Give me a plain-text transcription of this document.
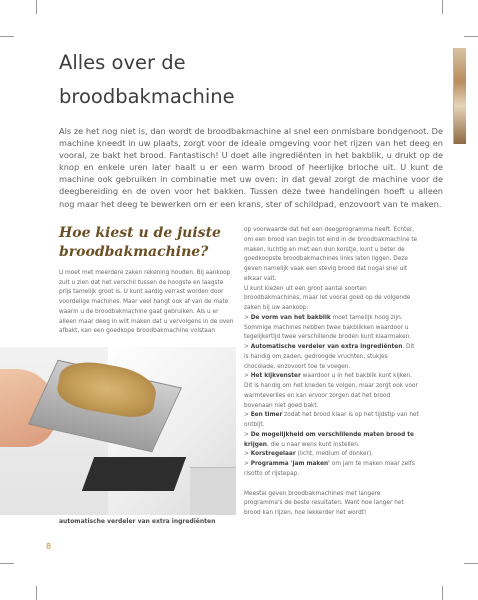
Alles over de
broodbakmachine

Als ze het nog niet is, dan wordt de broodbakmachine al snel een onmisbare bondgenoot. De machine kneedt in uw plaats, zorgt voor de ideale omgeving voor het rijzen van het deeg en vooral, ze bakt het brood. Fantastisch! U doet alle ingrediënten in het bakblik, u drukt op de knop en enkele uren later haalt u er een warm brood of heerlijke brioche uit. U kunt de machine ook gebruiken in combinatie met uw oven: in dat geval zorgt de machine voor de deegbereiding en de oven voor het bakken. Tussen deze twee handelingen hoeft u alleen nog maar het deeg te bewerken om er een krans, ster of schildpad, enzovoort van te maken.

Hoe kiest u de juiste
broodbakmachine?

U moet met meerdere zaken rekening houden. Bij aankoop zult u zien dat het verschil tussen de hoogste en laagste prijs tamelijk groot is. U kunt aardig verrast worden door voordelige machines. Maar veel hangt ook af van de mate waarin u de broodbakmachine gaat gebruiken. Als u er alleen maar deeg in wilt maken dat u vervolgens in de oven afbakt, kan een goedkope broodbakmachine volstaan

automatische verdeler van extra ingrediënten

op voorwaarde dat het een deegprogramma heeft. Echter, om een brood van begin tot eind in de broodbakmachine te maken, luchtig en met een dun korstje, kunt u beter de goedkoopste broodbakmachines links laten liggen. Deze geven namelijk vaak een stevig brood dat nogal snel uit elkaar valt.

U kunt kiezen uit een groot aantal soorten broodbakmachines, maar let vooral goed op de volgende zaken bij uw aankoop:

> De vorm van het bakblik moet tamelijk hoog zijn. Sommige machines hebben twee bakblikken waardoor u tegelijkertijd twee verschillende broden kunt klaarmaken.

> Automatische verdeler van extra ingrediënten. Dit is handig om zaden, gedroogde vruchten, stukjes chocolade, enzovoort toe te voegen.

> Het kijkvenster waardoor u in het bakblik kunt kijken. Dit is handig om het kneden te volgen, maar zorgt ook voor warmteverlies en kan ervoor zorgen dat het brood bovenaan niet goed bakt.

> Een timer zodat het brood klaar is op het tijdstip van het ontbijt.

> De mogelijkheid om verschillende maten brood te krijgen, die u naar wens kunt instellen.

> Korstregelaar (licht, medium of donker).

> Programma 'jam maken' om jam te maken maar zelfs risotto of rijstepap.

Meestal geven broodbakmachines met langere programma's de beste resultaten. Want hoe langer het brood kan rijzen, hoe lekkerder het wordt!

8
